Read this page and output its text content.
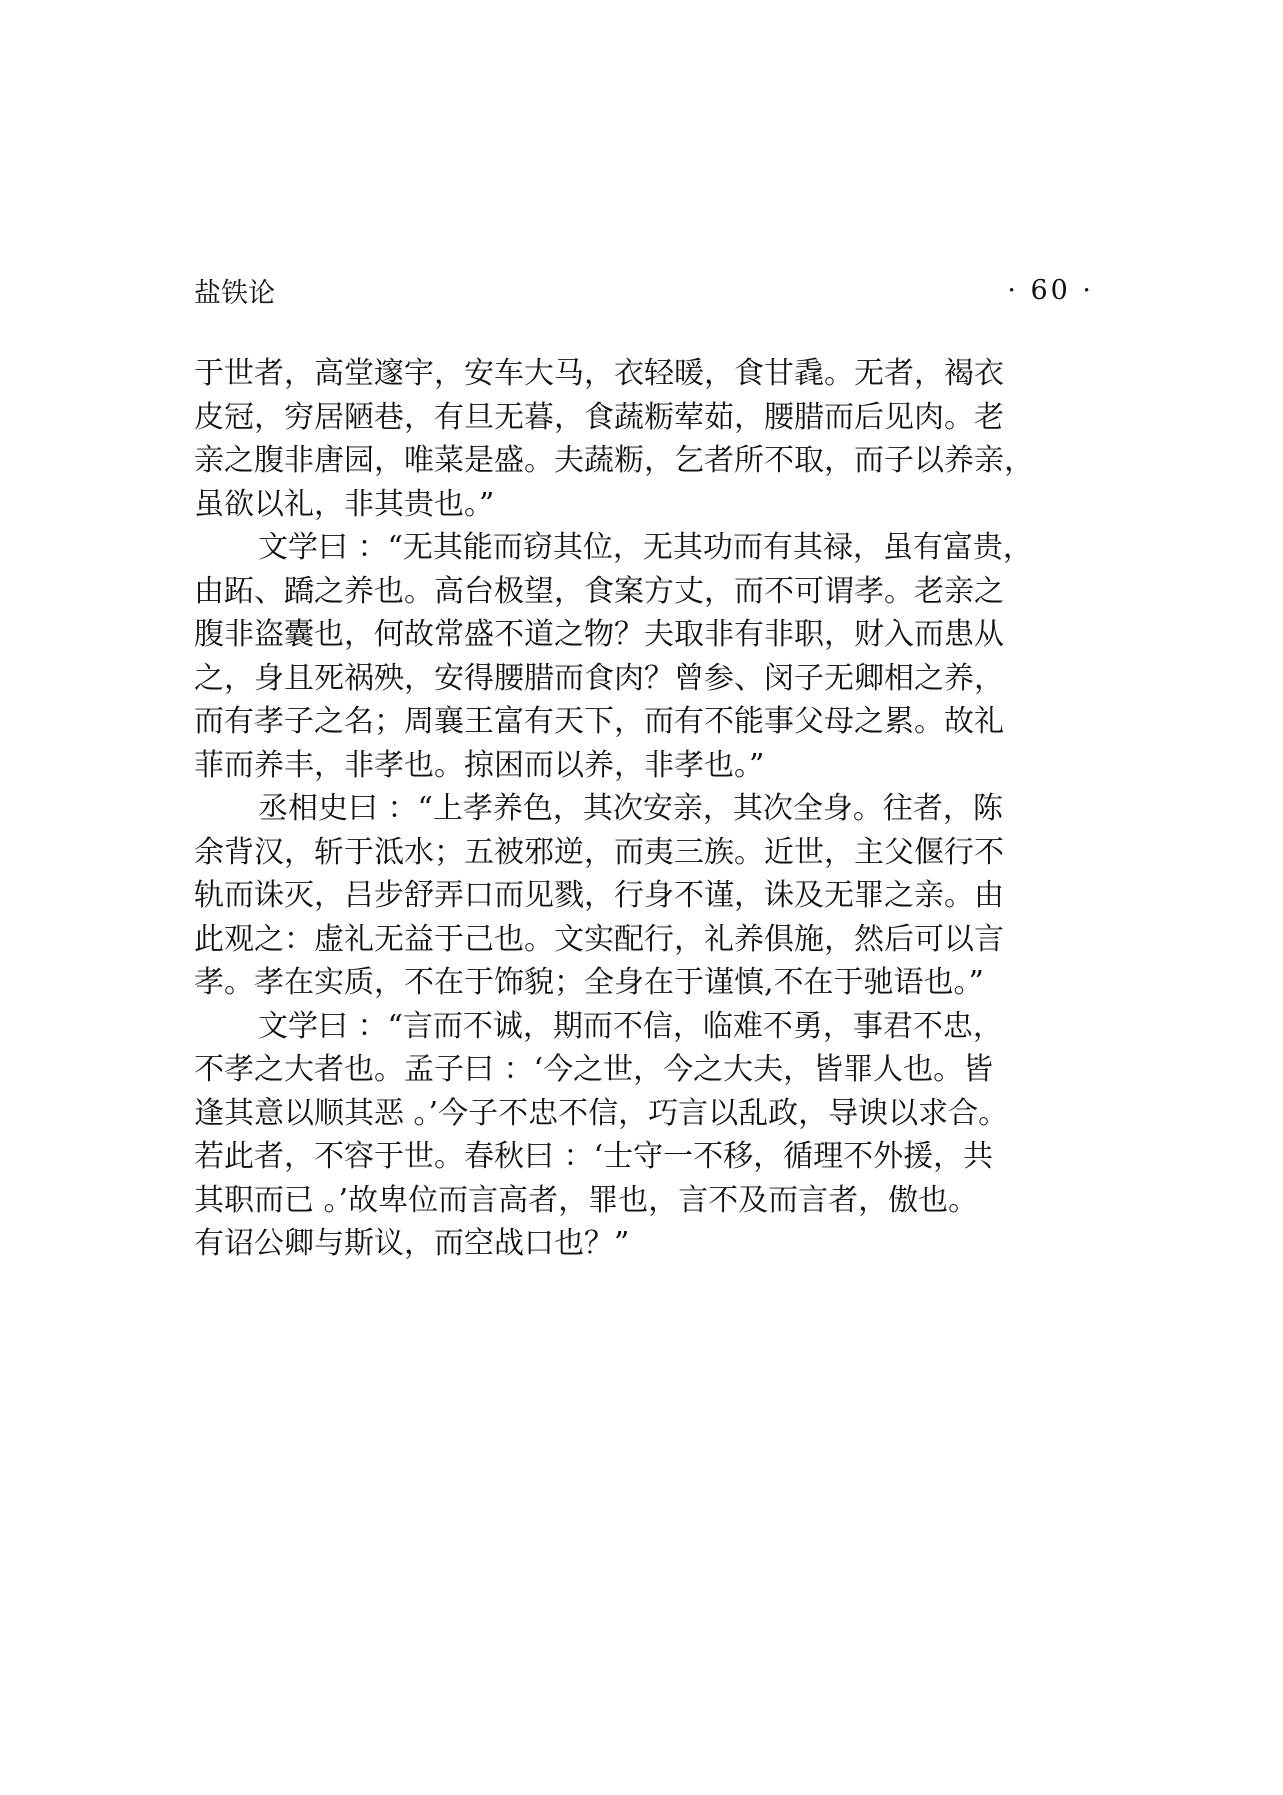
盐铁论	· 60 ·
于世者，高堂邃宇，安车大马，衣轻暖，食甘毳。无者，褐衣
皮冠，穷居陋巷，有旦无暮，食蔬粝荤茹，腰腊而后见肉。老
亲之腹非唐园，唯菜是盛。夫蔬粝，乞者所不取，而子以养亲，
虽欲以礼，非其贵也。”
文学曰 ：“无其能而窃其位，无其功而有其禄，虽有富贵，
由跖、蹻之养也。高台极望，食案方丈，而不可谓孝。老亲之
腹非盗囊也，何故常盛不道之物？夫取非有非职，财入而患从
之，身且死祸殃，安得腰腊而食肉？曾参、闵子无卿相之养，
而有孝子之名；周襄王富有天下，而有不能事父母之累。故礼
菲而养丰，非孝也。掠困而以养，非孝也。”
丞相史曰 ：“上孝养色，其次安亲，其次全身。往者，陈
余背汉，斩于泜水；五被邪逆，而夷三族。近世，主父偃行不
轨而诛灭，吕步舒弄口而见戮，行身不谨，诛及无罪之亲。由
此观之：虚礼无益于己也。文实配行，礼养俱施，然后可以言
孝。孝在实质，不在于饰貌；全身在于谨慎,不在于驰语也。”
文学曰 ：“言而不诚，期而不信，临难不勇，事君不忠，
不孝之大者也。孟子曰 ：‘今之世，今之大夫，皆罪人也。皆
逢其意以顺其恶 。’今子不忠不信，巧言以乱政，导谀以求合。
若此者，不容于世。春秋曰 ：‘士守一不移，循理不外援，共
其职而已 。’故卑位而言高者，罪也，言不及而言者，傲也。
有诏公卿与斯议，而空战口也？”
